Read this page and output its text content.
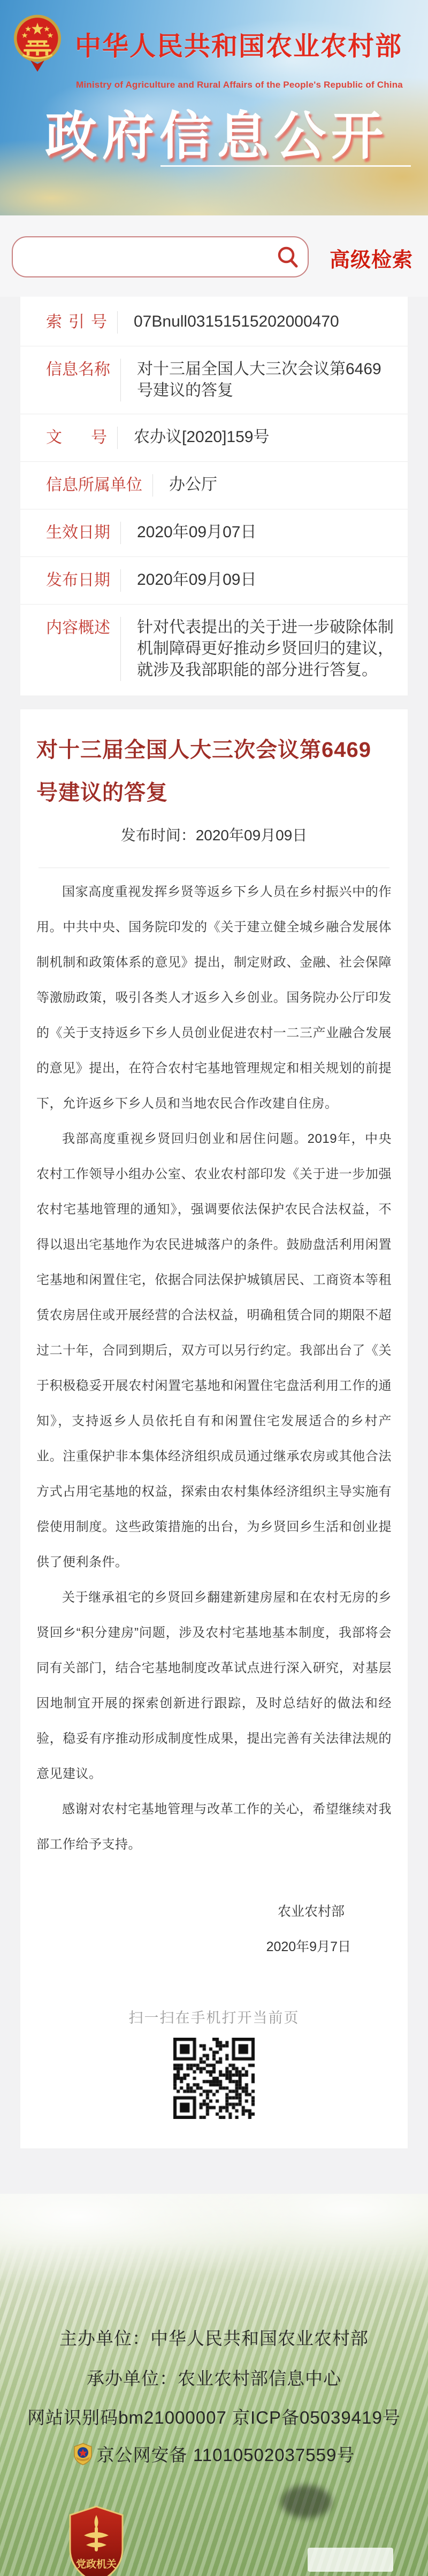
中华人民共和国农业农村部
Ministry of Agriculture and Rural Affairs of the People's Republic of China
政府信息公开
高级检索
索引号 07Bnull03151515202000470
信息名称 对十三届全国人大三次会议第6469号建议的答复
文号 农办议[2020]159号
信息所属单位 办公厅
生效日期 2020年09月07日
发布日期 2020年09月09日
内容概述 针对代表提出的关于进一步破除体制机制障碍更好推动乡贤回归的建议，就涉及我部职能的部分进行答复。
对十三届全国人大三次会议第6469号建议的答复
发布时间：2020年09月09日

国家高度重视发挥乡贤等返乡下乡人员在乡村振兴中的作用。中共中央、国务院印发的《关于建立健全城乡融合发展体制机制和政策体系的意见》提出，制定财政、金融、社会保障等激励政策，吸引各类人才返乡入乡创业。国务院办公厅印发的《关于支持返乡下乡人员创业促进农村一二三产业融合发展的意见》提出，在符合农村宅基地管理规定和相关规划的前提下，允许返乡下乡人员和当地农民合作改建自住房。

我部高度重视乡贤回归创业和居住问题。2019年，中央农村工作领导小组办公室、农业农村部印发《关于进一步加强农村宅基地管理的通知》，强调要依法保护农民合法权益，不得以退出宅基地作为农民进城落户的条件。鼓励盘活利用闲置宅基地和闲置住宅，依据合同法保护城镇居民、工商资本等租赁农房居住或开展经营的合法权益，明确租赁合同的期限不超过二十年，合同到期后，双方可以另行约定。我部出台了《关于积极稳妥开展农村闲置宅基地和闲置住宅盘活利用工作的通知》，支持返乡人员依托自有和闲置住宅发展适合的乡村产业。注重保护非本集体经济组织成员通过继承农房或其他合法方式占用宅基地的权益，探索由农村集体经济组织主导实施有偿使用制度。这些政策措施的出台，为乡贤回乡生活和创业提供了便利条件。

关于继承祖宅的乡贤回乡翻建新建房屋和在农村无房的乡贤回乡“积分建房”问题，涉及农村宅基地基本制度，我部将会同有关部门，结合宅基地制度改革试点进行深入研究，对基层因地制宜开展的探索创新进行跟踪，及时总结好的做法和经验，稳妥有序推动形成制度性成果，提出完善有关法律法规的意见建议。

感谢对农村宅基地管理与改革工作的关心，希望继续对我部工作给予支持。

农业农村部
2020年9月7日
扫一扫在手机打开当前页
主办单位：中华人民共和国农业农村部
承办单位：农业农村部信息中心
网站识别码bm21000007 京ICP备05039419号
京公网安备 11010502037559号
党政机关
